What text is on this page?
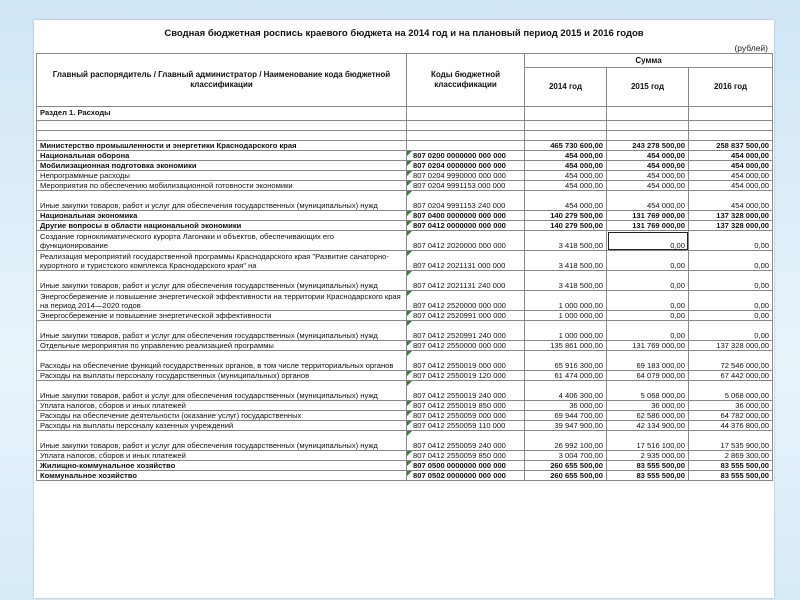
Сводная бюджетная роспись краевого бюджета на 2014 год и на плановый период 2015 и 2016 годов
(рублей)
Главный распорядитель / Главный администратор / Наименование кода бюджетной классификации	Коды бюджетной классификации	Сумма		
		2014 год	2015 год	2016 год
Раздел 1. Расходы				

Министерство промышленности и энергетики Краснодарского края		465 730 600,00	243 278 500,00	258 837 500,00
Национальная оборона	807 0200 0000000 000 000	454 000,00	454 000,00	454 000,00
Мобилизационная подготовка экономики	807 0204 0000000 000 000	454 000,00	454 000,00	454 000,00
Непрограммные расходы	807 0204 9990000 000 000	454 000,00	454 000,00	454 000,00
Мероприятия по обеспечению мобилизационной готовности экономики	807 0204 9991153 000 000	454 000,00	454 000,00	454 000,00
Иные закупки товаров, работ и услуг для обеспечения государственных (муниципальных) нужд	807 0204 9991153 240 000	454 000,00	454 000,00	454 000,00
Национальная экономика	807 0400 0000000 000 000	140 279 500,00	131 769 000,00	137 328 000,00
Другие вопросы в области национальной экономики	807 0412 0000000 000 000	140 279 500,00	131 769 000,00	137 328 000,00
Создание горноклиматического курорта Лагонаки и объектов, обеспечивающих его функционирование	807 0412 2020000 000 000	3 418 500,00	0,00	0,00
Реализация мероприятий государственной программы Краснодарского края "Развитие санаторно-курортного и туристского комплекса Краснодарского края" на	807 0412 2021131 000 000	3 418 500,00	0,00	0,00
Иные закупки товаров, работ и услуг для обеспечения государственных (муниципальных) нужд	807 0412 2021131 240 000	3 418 500,00	0,00	0,00
Энергосбережение и повышение энергетической эффективности на территории Краснодарского края на период 2014—2020 годов	807 0412 2520000 000 000	1 000 000,00	0,00	0,00
Энергосбережение и повышение энергетической эффективности	807 0412 2520991 000 000	1 000 000,00	0,00	0,00
Иные закупки товаров, работ и услуг для обеспечения государственных (муниципальных) нужд	807 0412 2520991 240 000	1 000 000,00	0,00	0,00
Отдельные мероприятия по управлению реализацией программы	807 0412 2550000 000 000	135 861 000,00	131 769 000,00	137 328 000,00
Расходы на обеспечение функций государственных органов, в том числе территориальных органов	807 0412 2550019 000 000	65 916 300,00	69 183 000,00	72 546 000,00
Расходы на выплаты персоналу государственных (муниципальных) органов	807 0412 2550019 120 000	61 474 000,00	64 079 000,00	67 442 000,00
Иные закупки товаров, работ и услуг для обеспечения государственных (муниципальных) нужд	807 0412 2550019 240 000	4 406 300,00	5 068 000,00	5 068 000,00
Уплата налогов, сборов и иных платежей	807 0412 2550019 850 000	36 000,00	36 000,00	36 000,00
Расходы на обеспечение деятельности (оказание услуг) государственных	807 0412 2550059 000 000	69 944 700,00	62 586 000,00	64 782 000,00
Расходы на выплаты персоналу казенных учреждений	807 0412 2550059 110 000	39 947 900,00	42 134 900,00	44 376 800,00
Иные закупки товаров, работ и услуг для обеспечения государственных (муниципальных) нужд	807 0412 2550059 240 000	26 992 100,00	17 516 100,00	17 535 900,00
Уплата налогов, сборов и иных платежей	807 0412 2550059 850 000	3 004 700,00	2 935 000,00	2 869 300,00
Жилищно-коммунальное хозяйство	807 0500 0000000 000 000	260 655 500,00	83 555 500,00	83 555 500,00
Коммунальное хозяйство	807 0502 0000000 000 000	260 655 500,00	83 555 500,00	83 555 500,00
